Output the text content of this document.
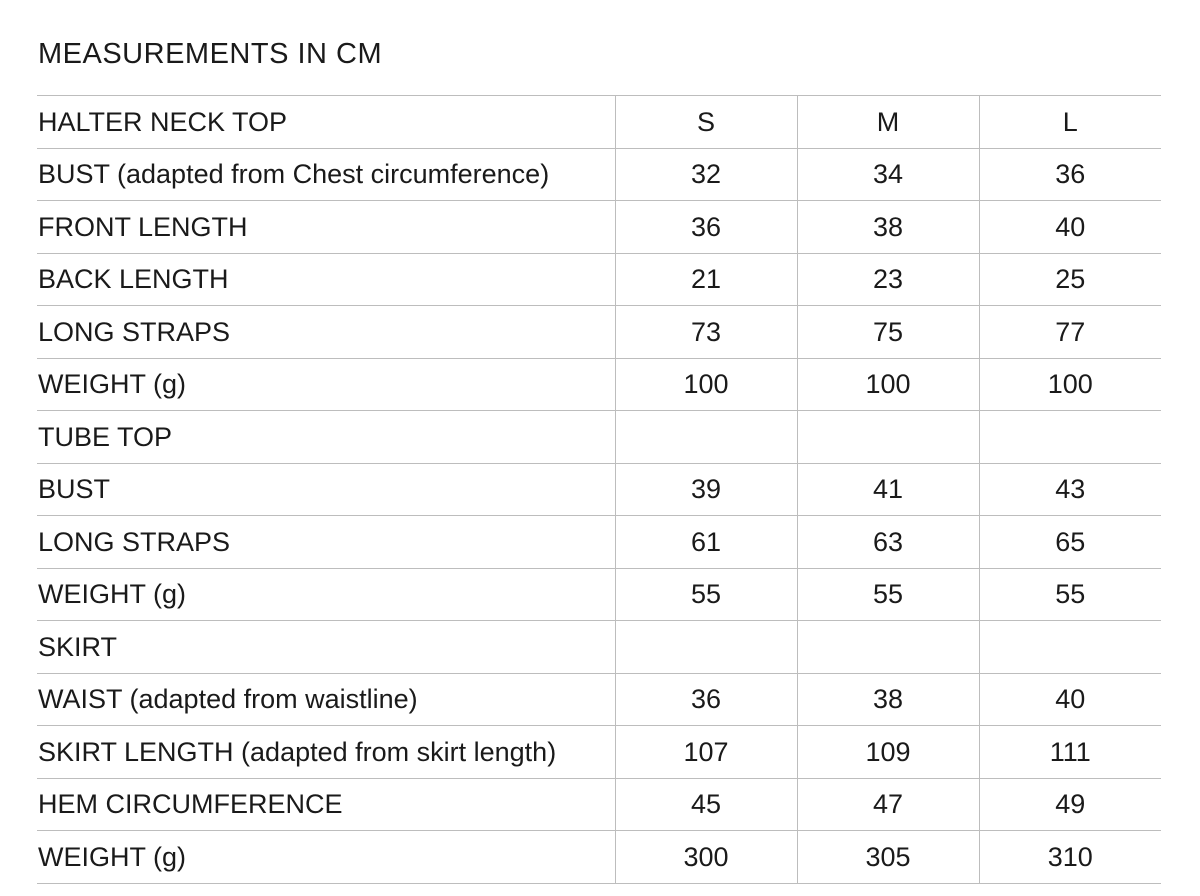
MEASUREMENTS IN CM
HALTER NECK TOP	S	M	L
BUST (adapted from Chest circumference)	32	34	36
FRONT LENGTH	36	38	40
BACK LENGTH	21	23	25
LONG STRAPS	73	75	77
WEIGHT (g)	100	100	100
TUBE TOP			
BUST	39	41	43
LONG STRAPS	61	63	65
WEIGHT (g)	55	55	55
SKIRT			
WAIST (adapted from waistline)	36	38	40
SKIRT LENGTH (adapted from skirt length)	107	109	111
HEM CIRCUMFERENCE	45	47	49
WEIGHT (g)	300	305	310
